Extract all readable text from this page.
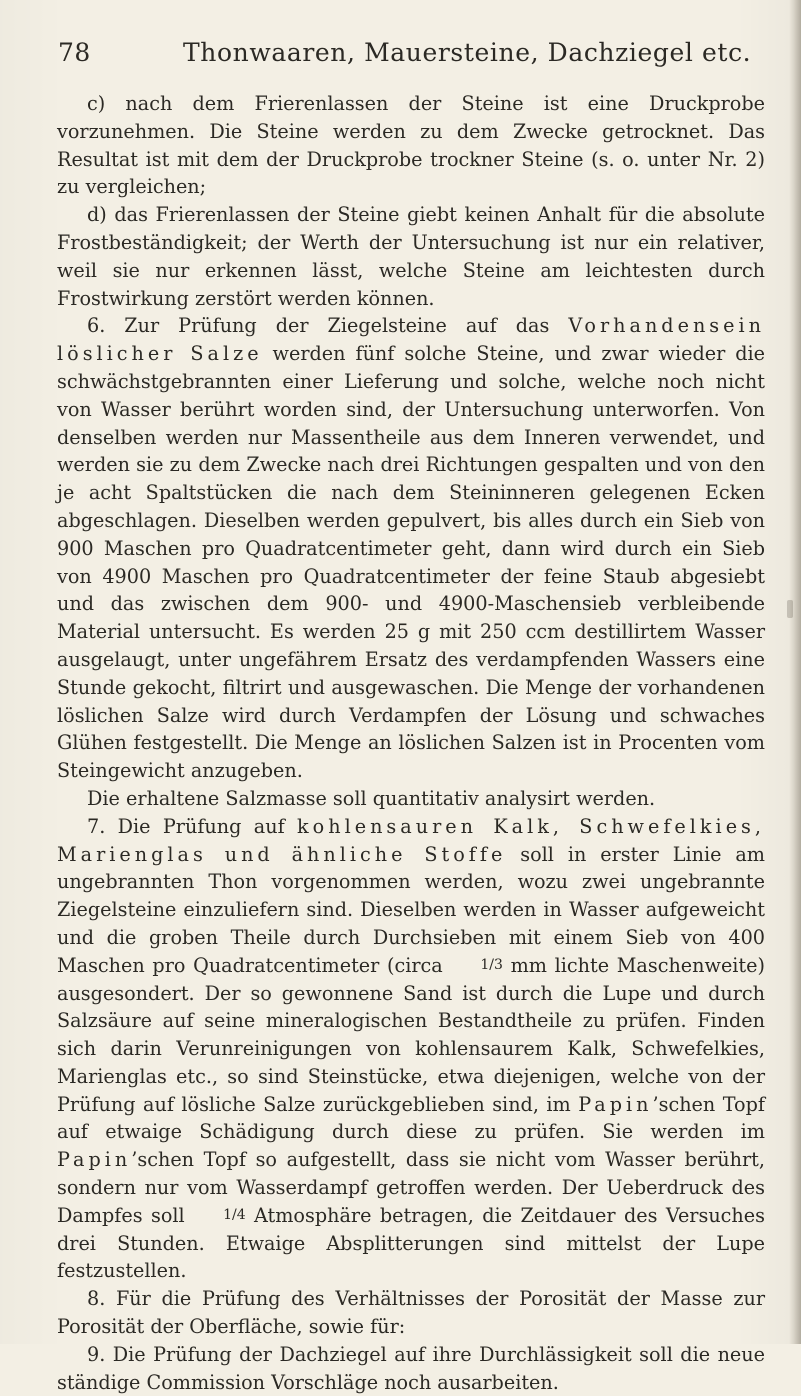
78	Thonwaaren, Mauersteine, Dachziegel etc.

c) nach dem Frierenlassen der Steine ist eine Druckprobe vorzunehmen. Die Steine werden zu dem Zwecke getrocknet. Das Resultat ist mit dem der Druckprobe trockner Steine (s. o. unter Nr. 2) zu vergleichen;

d) das Frierenlassen der Steine giebt keinen Anhalt für die absolute Frostbeständigkeit; der Werth der Untersuchung ist nur ein relativer, weil sie nur erkennen lässt, welche Steine am leichtesten durch Frostwirkung zerstört werden können.

6. Zur Prüfung der Ziegelsteine auf das Vorhandensein löslicher Salze werden fünf solche Steine, und zwar wieder die schwächstgebrannten einer Lieferung und solche, welche noch nicht von Wasser berührt worden sind, der Untersuchung unterworfen. Von denselben werden nur Massentheile aus dem Inneren verwendet, und werden sie zu dem Zwecke nach drei Richtungen gespalten und von den je acht Spaltstücken die nach dem Steininneren gelegenen Ecken abgeschlagen. Dieselben werden gepulvert, bis alles durch ein Sieb von 900 Maschen pro Quadratcentimeter geht, dann wird durch ein Sieb von 4900 Maschen pro Quadratcentimeter der feine Staub abgesiebt und das zwischen dem 900- und 4900-Maschensieb verbleibende Material untersucht. Es werden 25 g mit 250 ccm destillirtem Wasser ausgelaugt, unter ungefährem Ersatz des verdampfenden Wassers eine Stunde gekocht, filtrirt und ausgewaschen. Die Menge der vorhandenen löslichen Salze wird durch Verdampfen der Lösung und schwaches Glühen festgestellt. Die Menge an löslichen Salzen ist in Procenten vom Steingewicht anzugeben.

Die erhaltene Salzmasse soll quantitativ analysirt werden.

7. Die Prüfung auf kohlensauren Kalk, Schwefelkies, Marienglas und ähnliche Stoffe soll in erster Linie am ungebrannten Thon vorgenommen werden, wozu zwei ungebrannte Ziegelsteine einzuliefern sind. Dieselben werden in Wasser aufgeweicht und die groben Theile durch Durchsieben mit einem Sieb von 400 Maschen pro Quadratcentimeter (circa 1/3 mm lichte Maschenweite) ausgesondert. Der so gewonnene Sand ist durch die Lupe und durch Salzsäure auf seine mineralogischen Bestandtheile zu prüfen. Finden sich darin Verunreinigungen von kohlensaurem Kalk, Schwefelkies, Marienglas etc., so sind Steinstücke, etwa diejenigen, welche von der Prüfung auf lösliche Salze zurückgeblieben sind, im Papin’schen Topf auf etwaige Schädigung durch diese zu prüfen. Sie werden im Papin’schen Topf so aufgestellt, dass sie nicht vom Wasser berührt, sondern nur vom Wasserdampf getroffen werden. Der Ueberdruck des Dampfes soll 1/4 Atmosphäre betragen, die Zeitdauer des Versuches drei Stunden. Etwaige Absplitterungen sind mittelst der Lupe festzustellen.

8. Für die Prüfung des Verhältnisses der Porosität der Masse zur Porosität der Oberfläche, sowie für:

9. Die Prüfung der Dachziegel auf ihre Durchlässigkeit soll die neue ständige Commission Vorschläge noch ausarbeiten.
